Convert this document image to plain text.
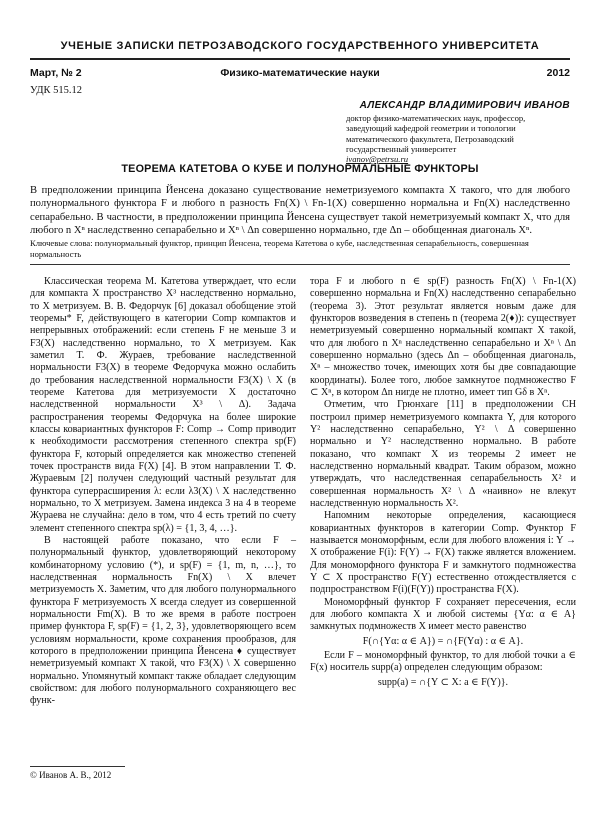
УЧЕНЫЕ ЗАПИСКИ ПЕТРОЗАВОДСКОГО ГОСУДАРСТВЕННОГО УНИВЕРСИТЕТА
Март, № 2	Физико-математические науки	2012
УДК 515.12
АЛЕКСАНДР ВЛАДИМИРОВИЧ ИВАНОВ
доктор физико-математических наук, профессор, заведующий кафедрой геометрии и топологии математического факультета, Петрозаводский государственный университет
ivanov@petrsu.ru
ТЕОРЕМА КАТЕТОВА О КУБЕ И ПОЛУНОРМАЛЬНЫЕ ФУНКТОРЫ
В предположении принципа Йенсена доказано существование неметризуемого компакта X такого, что для любого полунормального функтора F и любого n разность Fn(X) \ Fn-1(X) совершенно нормальна и Fn(X) наследственно сепарабельно. В частности, в предположении принципа Йенсена существует такой неметризуемый компакт X, что для любого n Xⁿ наследственно сепарабельно и Xⁿ \ Δn совершенно нормально, где Δn – обобщенная диагональ Xⁿ.
Ключевые слова: полунормальный функтор, принцип Йенсена, теорема Катетова о кубе, наследственная сепарабельность, совершенная нормальность

Классическая теорема М. Катетова утверждает, что если для компакта X пространство X³ наследственно нормально, то X метризуем. В. В. Федорчук [6] доказал обобщение этой теоремы* F, действующего в категории Comp компактов и непрерывных отображений: если степень F не меньше 3 и F3(X) наследственно нормально, то X метризуем. Как заметил Т. Ф. Жураев, требование наследственной нормальности F3(X) в теореме Федорчука можно ослабить до требования наследственной нормальности F3(X) \ X (в теореме Катетова для метризуемости X достаточно наследственной нормальности X³ \ Δ). Задача распространения теоремы Федорчука на более широкие классы ковариантных функторов F: Comp → Comp приводит к необходимости рассмотрения степенного спектра sp(F) функтора F, который определяется как множество степеней точек пространств вида F(X) [4]. В этом направлении Т. Ф. Жураевым [2] получен следующий частный результат для функтора суперрасширения λ: если λ3(X) \ X наследственно нормально, то X метризуем. Замена индекса 3 на 4 в теореме Жураева не случайна: дело в том, что 4 есть третий по счету элемент степенного спектра sp(λ) = {1, 3, 4, …}.

В настоящей работе показано, что если F – полунормальный функтор, удовлетворяющий некоторому комбинаторному условию (*), и sp(F) = {1, m, n, …}, то наследственная нормальность Fn(X) \ X влечет метризуемость X. Заметим, что для любого полунормального функтора F метризуемость X всегда следует из совершенной нормальности Fm(X). В то же время в работе построен пример функтора F, sp(F) = {1, 2, 3}, удовлетворяющего всем условиям нормальности, кроме сохранения прообразов, для которого в предположении принципа Йенсена ♦ существует неметризуемый компакт X такой, что F3(X) \ X совершенно нормально. Упомянутый компакт также обладает следующим свойством: для любого полунормального сохраняющего вес функ-

тора F и любого n ∈ sp(F) разность Fn(X) \ Fn-1(X) совершенно нормальна и Fn(X) наследственно сепарабельно (теорема 3). Этот результат является новым даже для функторов возведения в степень n (теорема 2(♦)): существует неметризуемый совершенно нормальный компакт X такой, что для любого n Xⁿ наследственно сепарабельно и Xⁿ \ Δn совершенно нормально (здесь Δn – обобщенная диагональ, Xⁿ – множество точек, имеющих хотя бы две совпадающие координаты). Более того, любое замкнутое подмножество F ⊂ Xⁿ, в котором Δn нигде не плотно, имеет тип Gδ в Xⁿ.

Отметим, что Грюнхаге [11] в предположении CH построил пример неметризуемого компакта Y, для которого Y² наследственно сепарабельно, Y² \ Δ совершенно нормально и Y² наследственно нормально. В работе показано, что компакт X из теоремы 2 имеет не наследственно нормальный квадрат. Таким образом, можно утверждать, что наследственная сепарабельность X² и совершенная нормальность X² \ Δ «наивно» не влекут наследственную нормальность X².

Напомним некоторые определения, касающиеся ковариантных функторов в категории Comp. Функтор F называется мономорфным, если для любого вложения i: Y → X отображение F(i): F(Y) → F(X) также является вложением. Для мономорфного функтора F и замкнутого подмножества Y ⊂ X пространство F(Y) естественно отождествляется с подпространством F(i)(F(Y)) пространства F(X).

Мономорфный функтор F сохраняет пересечения, если для любого компакта X и любой системы {Yα: α ∈ A} замкнутых подмножеств X имеет место равенство

F(∩{Yα: α ∈ A}) = ∩{F(Yα) : α ∈ A}.

Если F – мономорфный функтор, то для любой точки a ∈ F(x) носитель supp(a) определен следующим образом:

supp(a) = ∩{Y ⊂ X: a ∈ F(Y)}.

© Иванов А. В., 2012
